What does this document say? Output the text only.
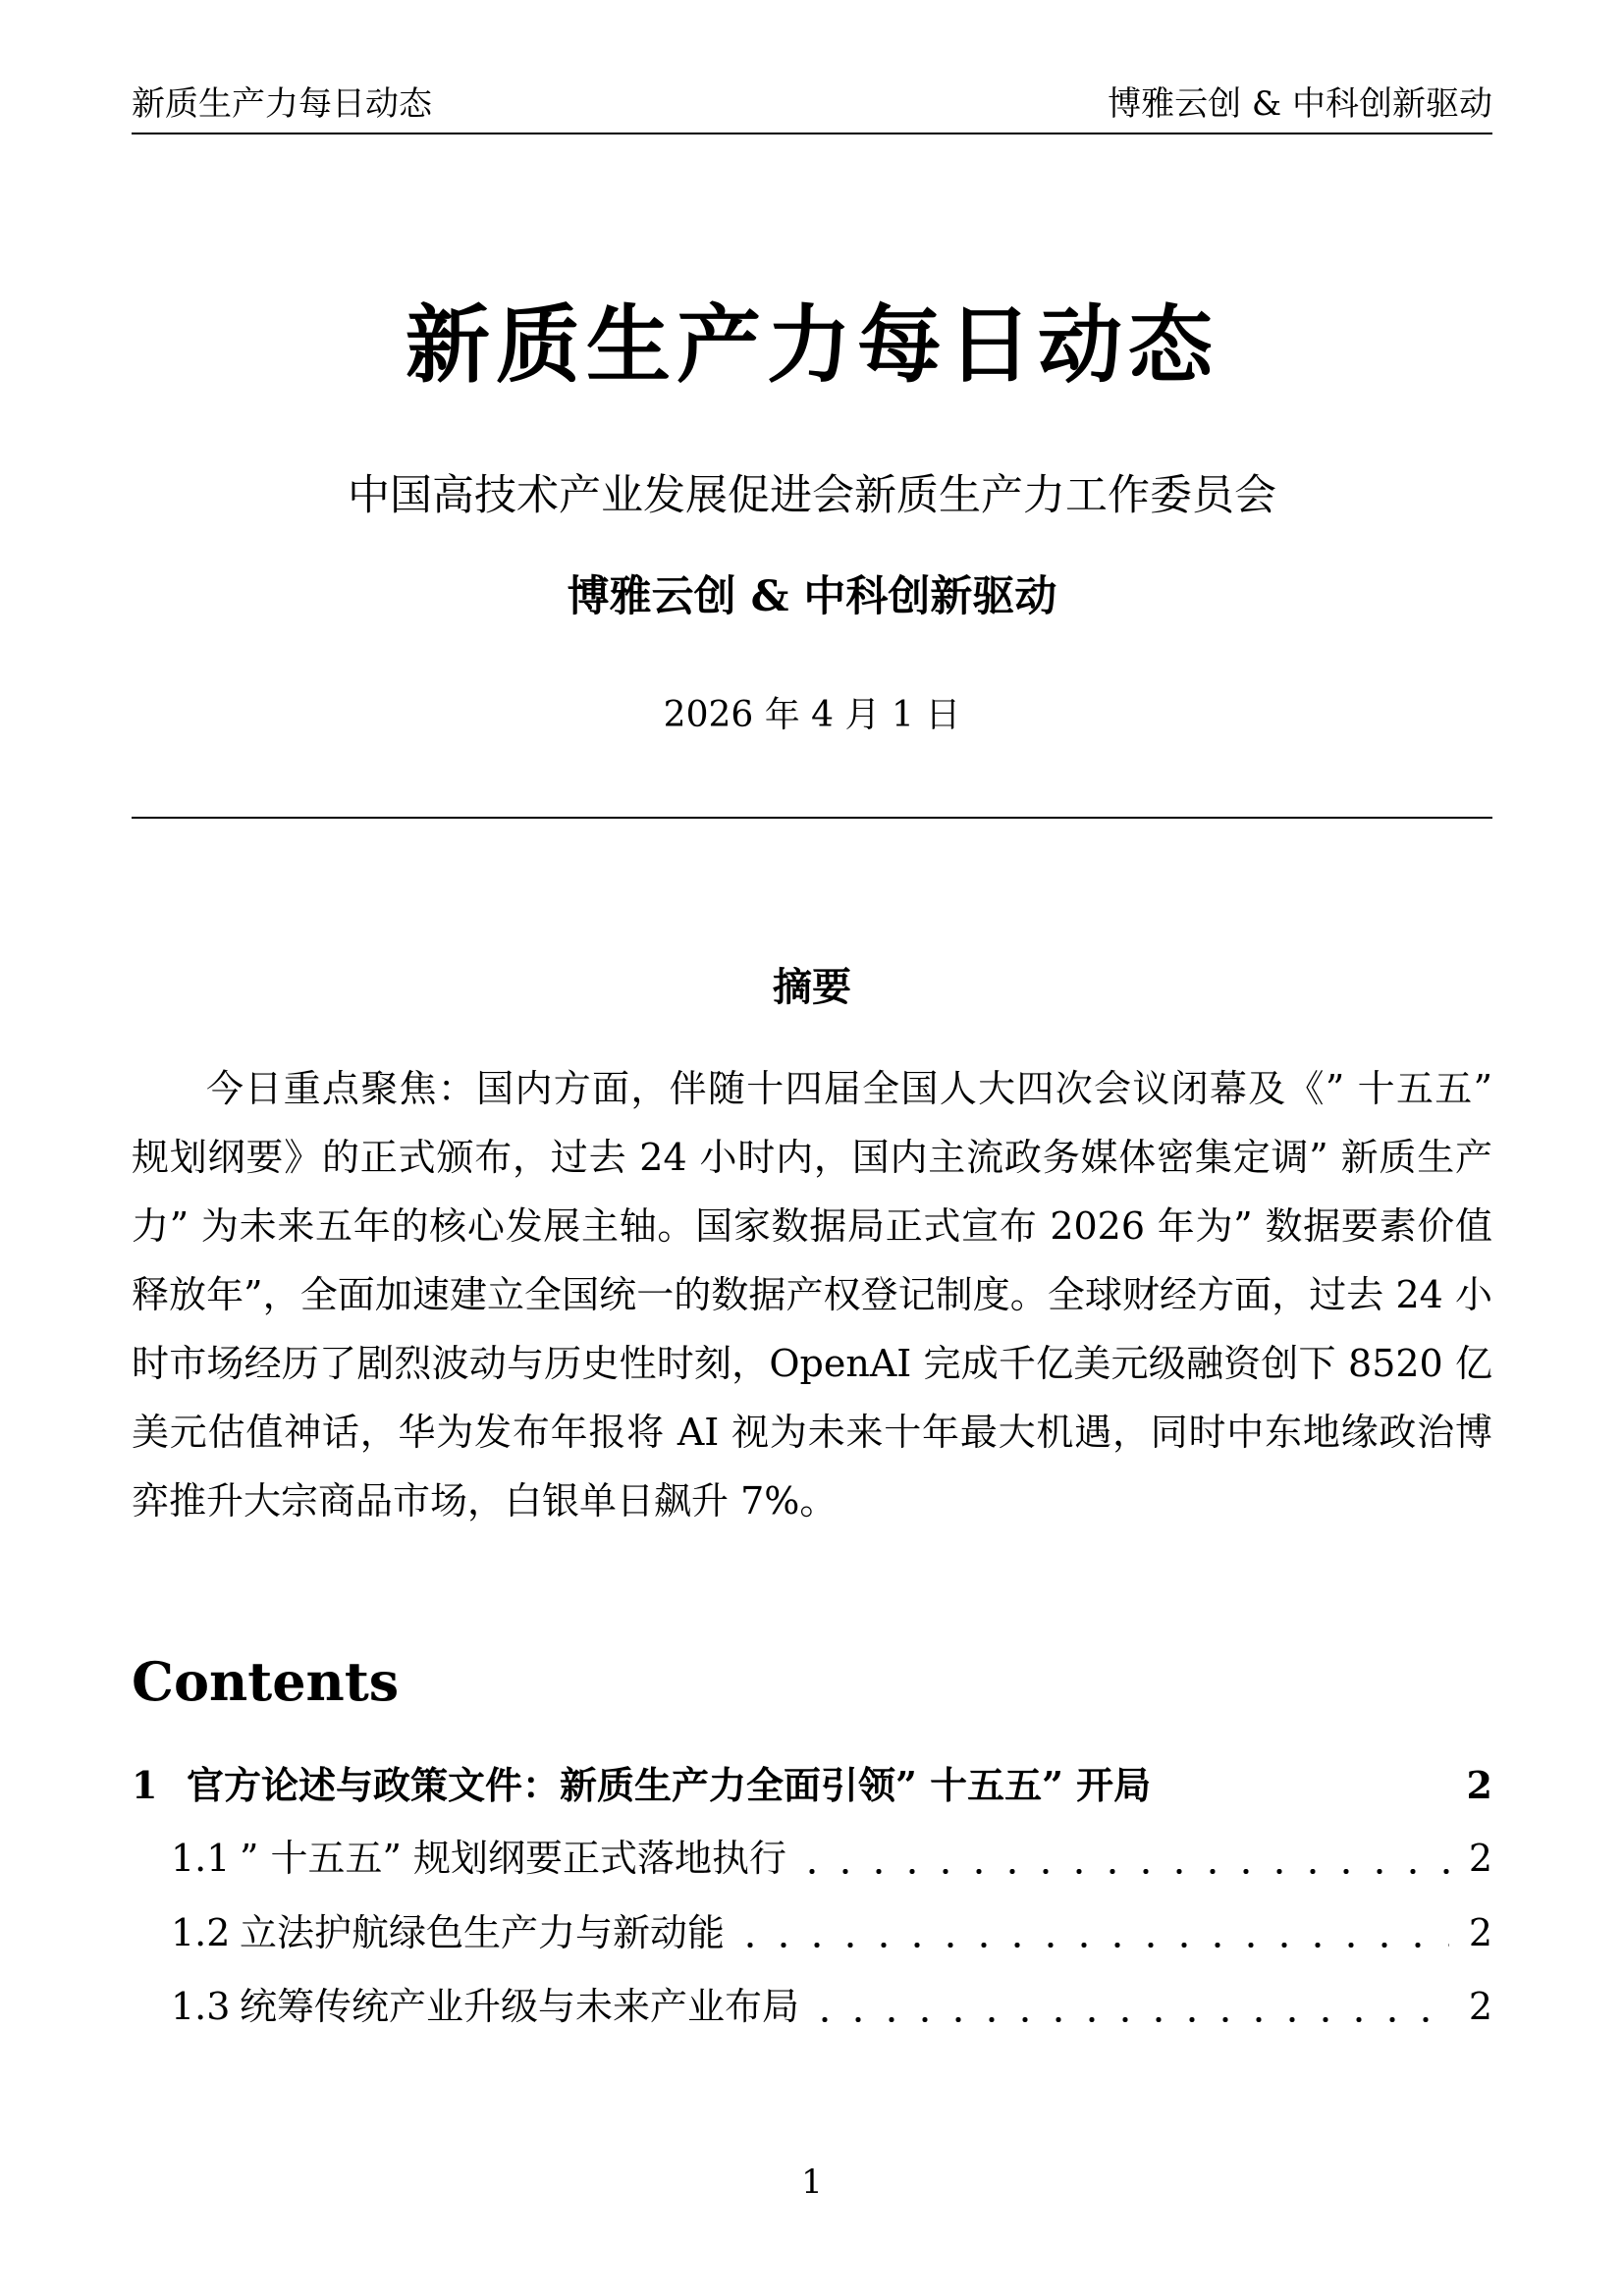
新质生产力每日动态	博雅云创 & 中科创新驱动
新质生产力每日动态
中国高技术产业发展促进会新质生产力工作委员会
博雅云创 & 中科创新驱动
2026 年 4 月 1 日
摘要

今日重点聚焦：国内方面，伴随十四届全国人大四次会议闭幕及《” 十五五” 规划纲要》的正式颁布，过去 24 小时内，国内主流政务媒体密集定调” 新质生产力” 为未来五年的核心发展主轴。国家数据局正式宣布 2026 年为” 数据要素价值释放年”，全面加速建立全国统一的数据产权登记制度。全球财经方面，过去 24 小时市场经历了剧烈波动与历史性时刻，OpenAI 完成千亿美元级融资创下 8520 亿美元估值神话，华为发布年报将 AI 视为未来十年最大机遇，同时中东地缘政治博弈推升大宗商品市场，白银单日飙升 7%。

Contents
1 官方论述与政策文件：新质生产力全面引领” 十五五” 开局	2
1.1 ” 十五五” 规划纲要正式落地执行	2
1.2 立法护航绿色生产力与新动能	2
1.3 统筹传统产业升级与未来产业布局	2
1
